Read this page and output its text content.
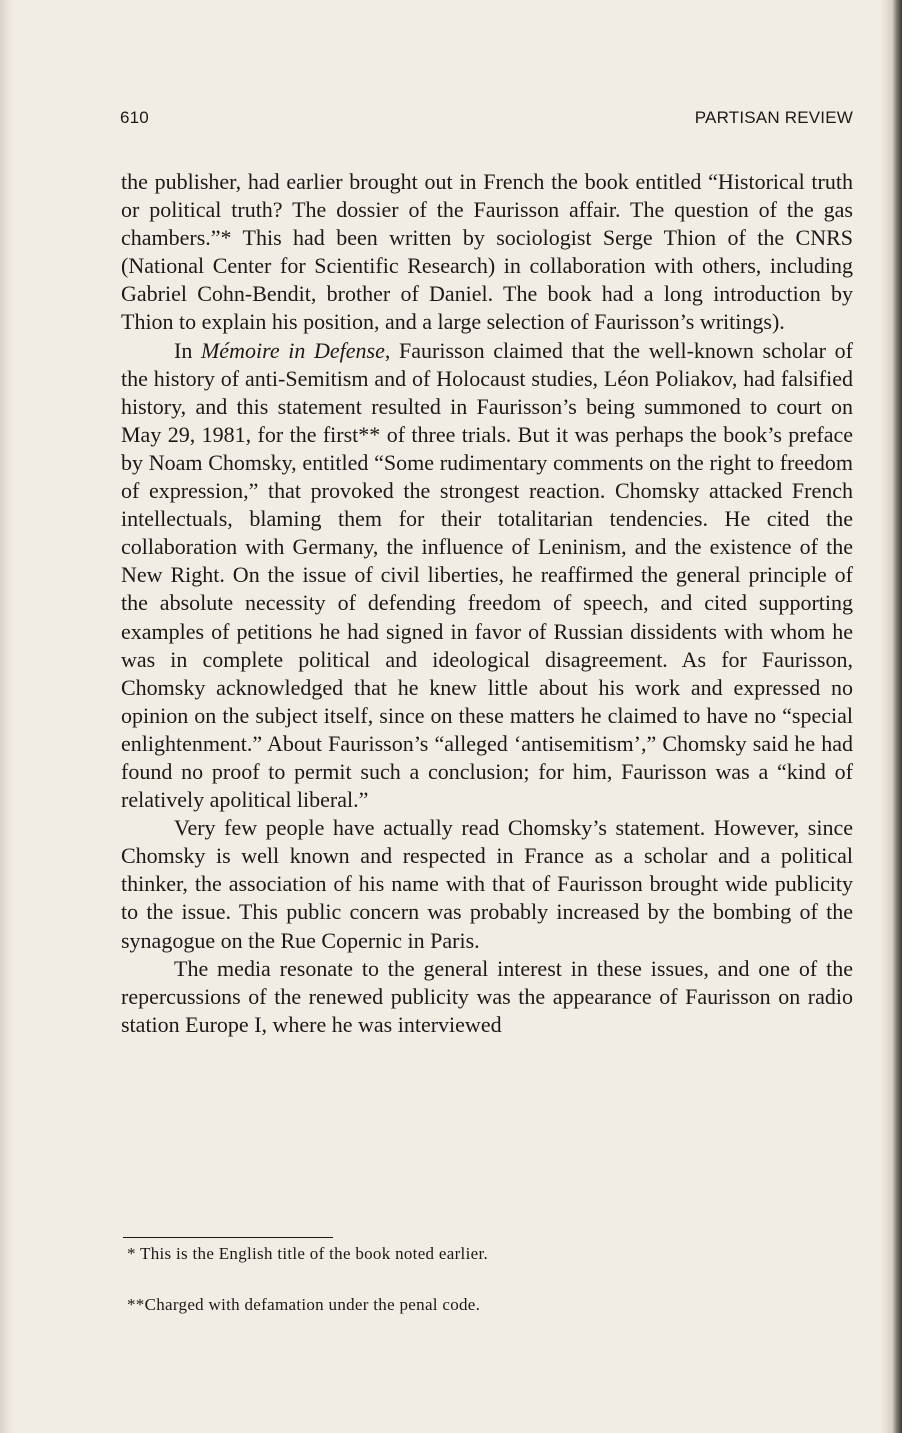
610	PARTISAN REVIEW

the publisher, had earlier brought out in French the book entitled “Historical truth or political truth? The dossier of the Faurisson affair. The question of the gas chambers.”* This had been written by sociologist Serge Thion of the CNRS (National Center for Scientific Research) in collaboration with others, including Gabriel Cohn-Bendit, brother of Daniel. The book had a long introduction by Thion to explain his position, and a large selection of Faurisson’s writings).

In Mémoire in Defense, Faurisson claimed that the well-known scholar of the history of anti-Semitism and of Holocaust studies, Léon Poliakov, had falsified history, and this statement resulted in Faurisson’s being summoned to court on May 29, 1981, for the first** of three trials. But it was perhaps the book’s preface by Noam Chomsky, entitled “Some rudimentary comments on the right to freedom of expression,” that provoked the strongest reaction. Chomsky attacked French intellectuals, blaming them for their totalitarian tendencies. He cited the collaboration with Germany, the influence of Leninism, and the existence of the New Right. On the issue of civil liberties, he reaffirmed the general principle of the absolute necessity of defending freedom of speech, and cited supporting examples of petitions he had signed in favor of Russian dissidents with whom he was in complete political and ideological disagreement. As for Faurisson, Chomsky acknowledged that he knew little about his work and expressed no opinion on the subject itself, since on these matters he claimed to have no “special enlightenment.” About Faurisson’s “alleged ‘antisemitism’,” Chomsky said he had found no proof to permit such a conclusion; for him, Faurisson was a “kind of relatively apolitical liberal.”

Very few people have actually read Chomsky’s statement. However, since Chomsky is well known and respected in France as a scholar and a political thinker, the association of his name with that of Faurisson brought wide publicity to the issue. This public concern was probably increased by the bombing of the synagogue on the Rue Copernic in Paris.

The media resonate to the general interest in these issues, and one of the repercussions of the renewed publicity was the appearance of Faurisson on radio station Europe I, where he was interviewed

* This is the English title of the book noted earlier.
**Charged with defamation under the penal code.
